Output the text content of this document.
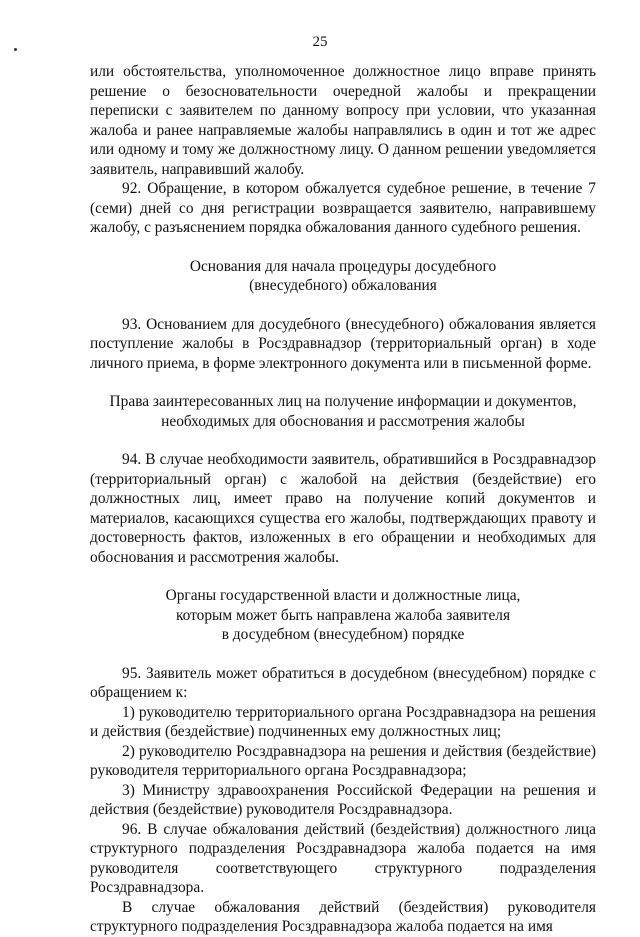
25

или обстоятельства, уполномоченное должностное лицо вправе принять решение о безосновательности очередной жалобы и прекращении переписки с заявителем по данному вопросу при условии, что указанная жалоба и ранее направляемые жалобы направлялись в один и тот же адрес или одному и тому же должностному лицу. О данном решении уведомляется заявитель, направивший жалобу.

92. Обращение, в котором обжалуется судебное решение, в течение 7 (семи) дней со дня регистрации возвращается заявителю, направившему жалобу, с разъяснением порядка обжалования данного судебного решения.

Основания для начала процедуры досудебного
(внесудебного) обжалования

93. Основанием для досудебного (внесудебного) обжалования является поступление жалобы в Росздравнадзор (территориальный орган) в ходе личного приема, в форме электронного документа или в письменной форме.

Права заинтересованных лиц на получение информации и документов,
необходимых для обоснования и рассмотрения жалобы

94. В случае необходимости заявитель, обратившийся в Росздравнадзор (территориальный орган) с жалобой на действия (бездействие) его должностных лиц, имеет право на получение копий документов и материалов, касающихся существа его жалобы, подтверждающих правоту и достоверность фактов, изложенных в его обращении и необходимых для обоснования и рассмотрения жалобы.

Органы государственной власти и должностные лица,
которым может быть направлена жалоба заявителя
в досудебном (внесудебном) порядке

95. Заявитель может обратиться в досудебном (внесудебном) порядке с обращением к:

1) руководителю территориального органа Росздравнадзора на решения и действия (бездействие) подчиненных ему должностных лиц;

2) руководителю Росздравнадзора на решения и действия (бездействие) руководителя территориального органа Росздравнадзора;

3) Министру здравоохранения Российской Федерации на решения и действия (бездействие) руководителя Росздравнадзора.

96. В случае обжалования действий (бездействия) должностного лица структурного подразделения Росздравнадзора жалоба подается на имя руководителя соответствующего структурного подразделения Росздравнадзора.

В случае обжалования действий (бездействия) руководителя структурного подразделения Росздравнадзора жалоба подается на имя
